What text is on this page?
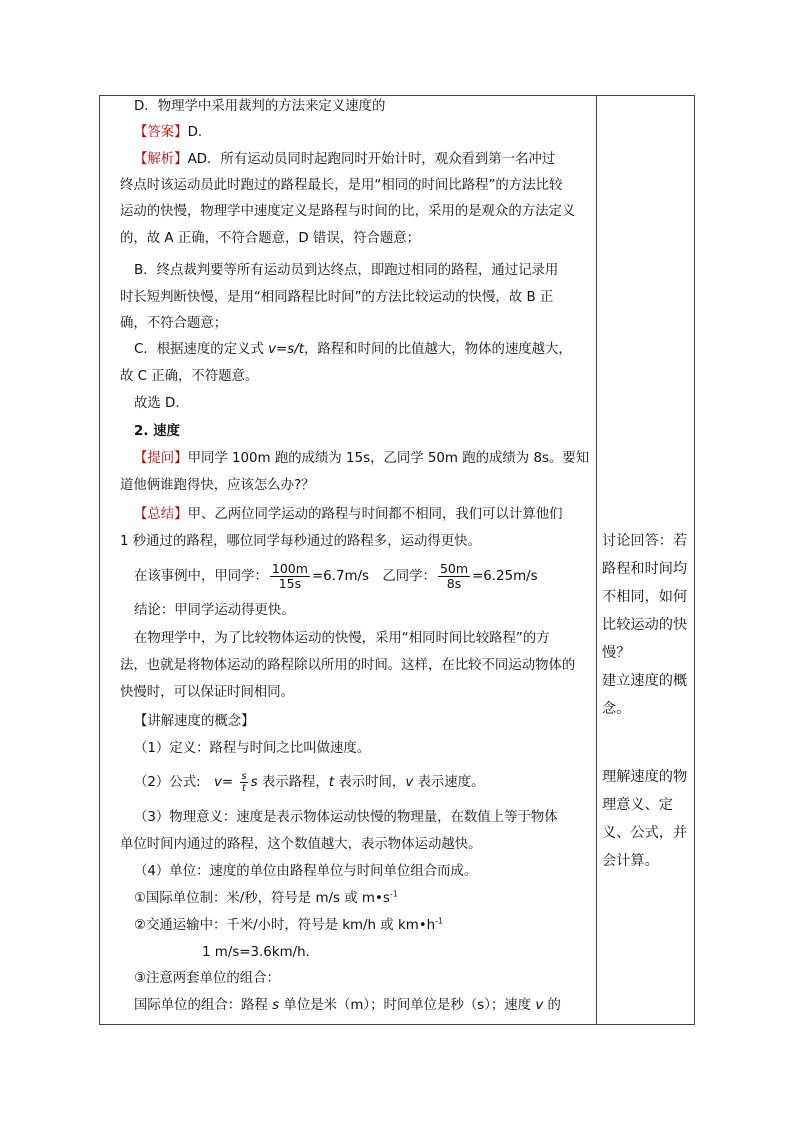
D．物理学中采用裁判的方法来定义速度的
【答案】D.
【解析】AD．所有运动员同时起跑同时开始计时，观众看到第一名冲过
终点时该运动员此时跑过的路程最长，是用“相同的时间比路程”的方法比较
运动的快慢，物理学中速度定义是路程与时间的比，采用的是观众的方法定义
的，故 A 正确，不符合题意，D 错误，符合题意；
B．终点裁判要等所有运动员到达终点，即跑过相同的路程，通过记录用
时长短判断快慢，是用“相同路程比时间”的方法比较运动的快慢，故 B 正
确，不符合题意；
C．根据速度的定义式 v=s/t，路程和时间的比值越大，物体的速度越大，
故 C 正确，不符题意。
故选 D.
2. 速度
【提问】甲同学 100m 跑的成绩为 15s，乙同学 50m 跑的成绩为 8s。要知
道他俩谁跑得快，应该怎么办?？
【总结】甲、乙两位同学运动的路程与时间都不相同，我们可以计算他们
1 秒通过的路程，哪位同学每秒通过的路程多，运动得更快。
在该事例中，甲同学： $\frac{100m}{15s} =6.7m/s$　乙同学： $\frac{50m}{8s} =6.25m/s$
结论：甲同学运动得更快。
在物理学中，为了比较物体运动的快慢，采用“相同时间比较路程”的方
法，也就是将物体运动的路程除以所用的时间。这样，在比较不同运动物体的
快慢时，可以保证时间相同。
【讲解速度的概念】
（1）定义：路程与时间之比叫做速度。
（2）公式:　$v= \frac{s}{t}$ s 表示路程，t 表示时间，v 表示速度。
（3）物理意义：速度是表示物体运动快慢的物理量，在数值上等于物体
单位时间内通过的路程，这个数值越大，表示物体运动越快。
（4）单位：速度的单位由路程单位与时间单位组合而成。
①国际单位制：米/秒，符号是 m/s 或 $m•s^{-1}$
②交通运输中：千米/小时，符号是 km/h 或 $km•h^{-1}$
1 m/s=3.6km/h.
③注意两套单位的组合：
国际单位的组合：路程 s 单位是米（m）；时间单位是秒（s）；速度 v 的
讨论回答：若
路程和时间均
不相同，如何
比较运动的快
慢？
建立速度的概
念。
理解速度的物
理意义、定
义、公式，并
会计算。
